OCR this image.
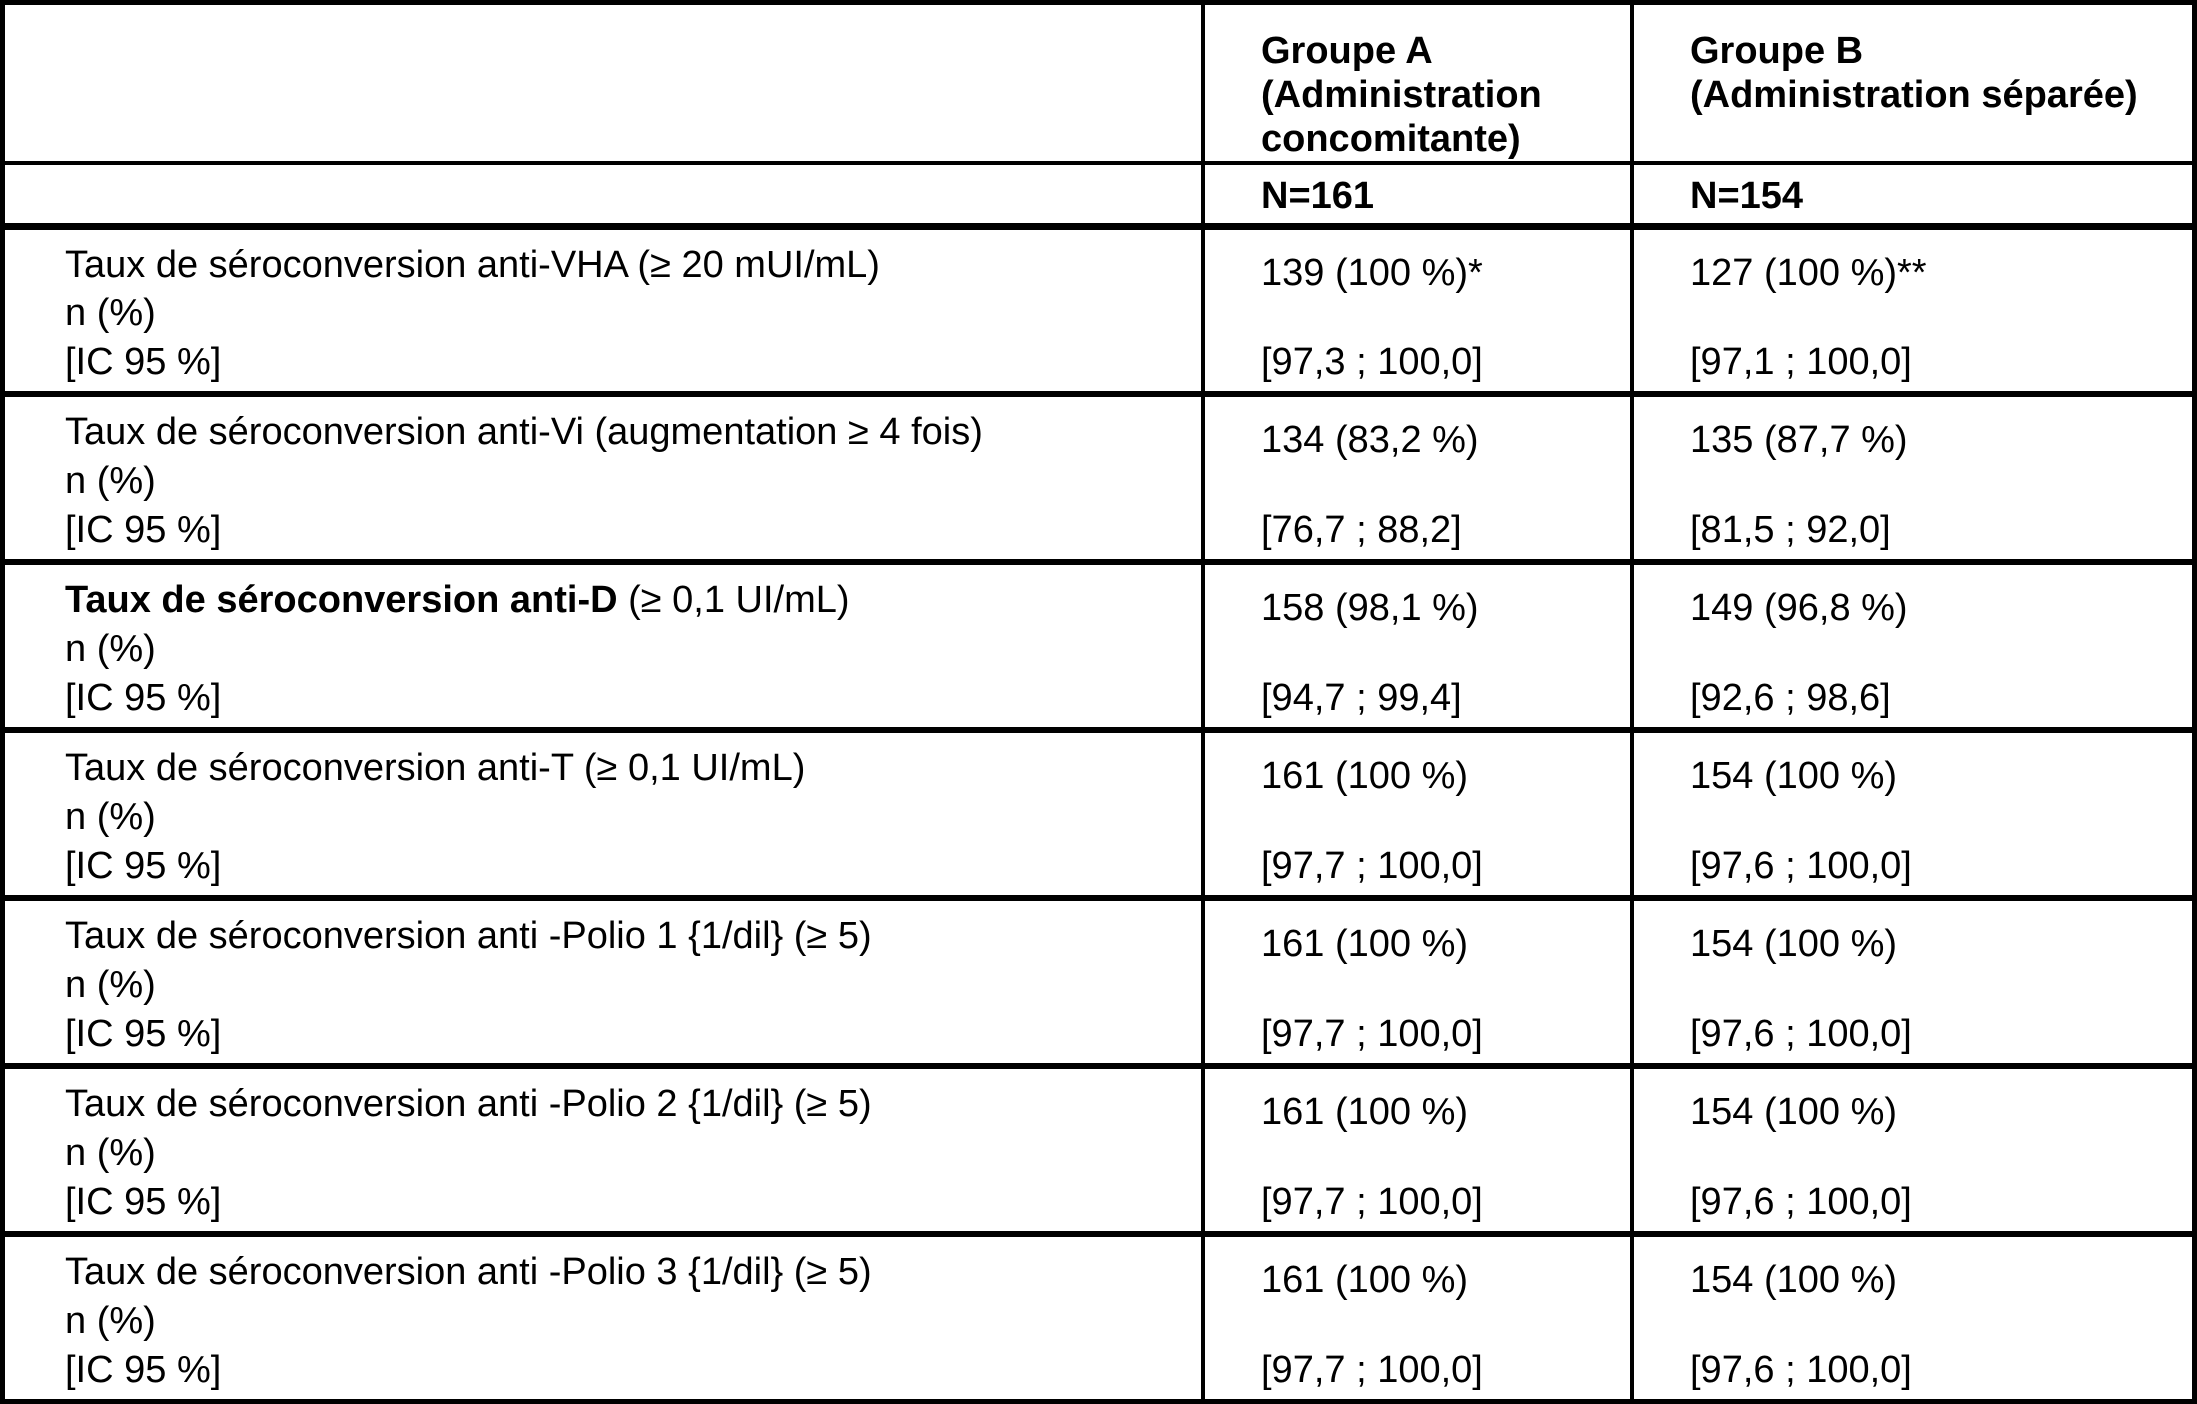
Groupe A
(Administration concomitante)
Groupe B
(Administration séparée)
N=161	N=154
Taux de séroconversion anti-VHA (≥ 20 mUI/mL)
n (%)
[IC 95 %]
139 (100 %)*
[97,3 ; 100,0]
127 (100 %)**
[97,1 ; 100,0]
Taux de séroconversion anti-Vi (augmentation ≥ 4 fois)
n (%)
[IC 95 %]
134 (83,2 %)
[76,7 ; 88,2]
135 (87,7 %)
[81,5 ; 92,0]
Taux de séroconversion anti-D (≥ 0,1 UI/mL)
n (%)
[IC 95 %]
158 (98,1 %)
[94,7 ; 99,4]
149 (96,8 %)
[92,6 ; 98,6]
Taux de séroconversion anti-T (≥ 0,1 UI/mL)
n (%)
[IC 95 %]
161 (100 %)
[97,7 ; 100,0]
154 (100 %)
[97,6 ; 100,0]
Taux de séroconversion anti -Polio 1 {1/dil} (≥ 5)
n (%)
[IC 95 %]
161 (100 %)
[97,7 ; 100,0]
154 (100 %)
[97,6 ; 100,0]
Taux de séroconversion anti -Polio 2 {1/dil} (≥ 5)
n (%)
[IC 95 %]
161 (100 %)
[97,7 ; 100,0]
154 (100 %)
[97,6 ; 100,0]
Taux de séroconversion anti -Polio 3 {1/dil} (≥ 5)
n (%)
[IC 95 %]
161 (100 %)
[97,7 ; 100,0]
154 (100 %)
[97,6 ; 100,0]
